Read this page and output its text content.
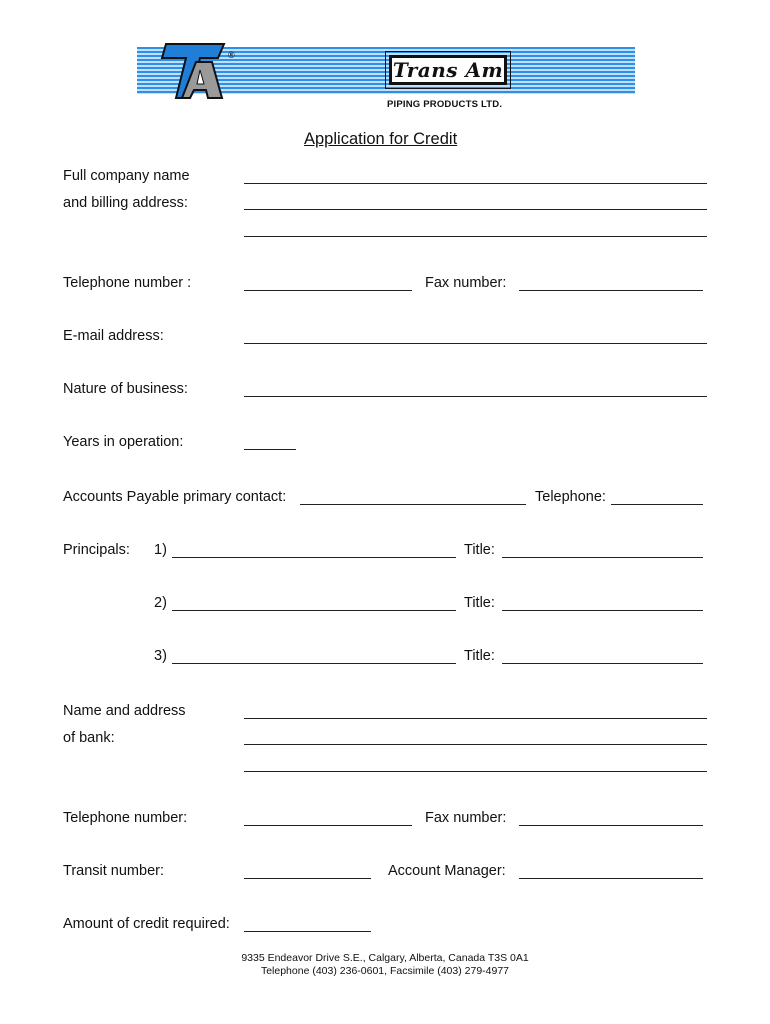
®
Trans Am
PIPING PRODUCTS LTD.
Application for Credit
Full company name
and billing address:
Telephone number :	Fax number:
E-mail address:
Nature of business:
Years in operation:
Accounts Payable primary contact:	Telephone:
Principals: 1)	Title:
2)	Title:
3)	Title:
Name and address
of bank:
Telephone number:	Fax number:
Transit number:	Account Manager:
Amount of credit required:
9335 Endeavor Drive S.E., Calgary, Alberta, Canada T3S 0A1
Telephone (403) 236-0601, Facsimile (403) 279-4977
